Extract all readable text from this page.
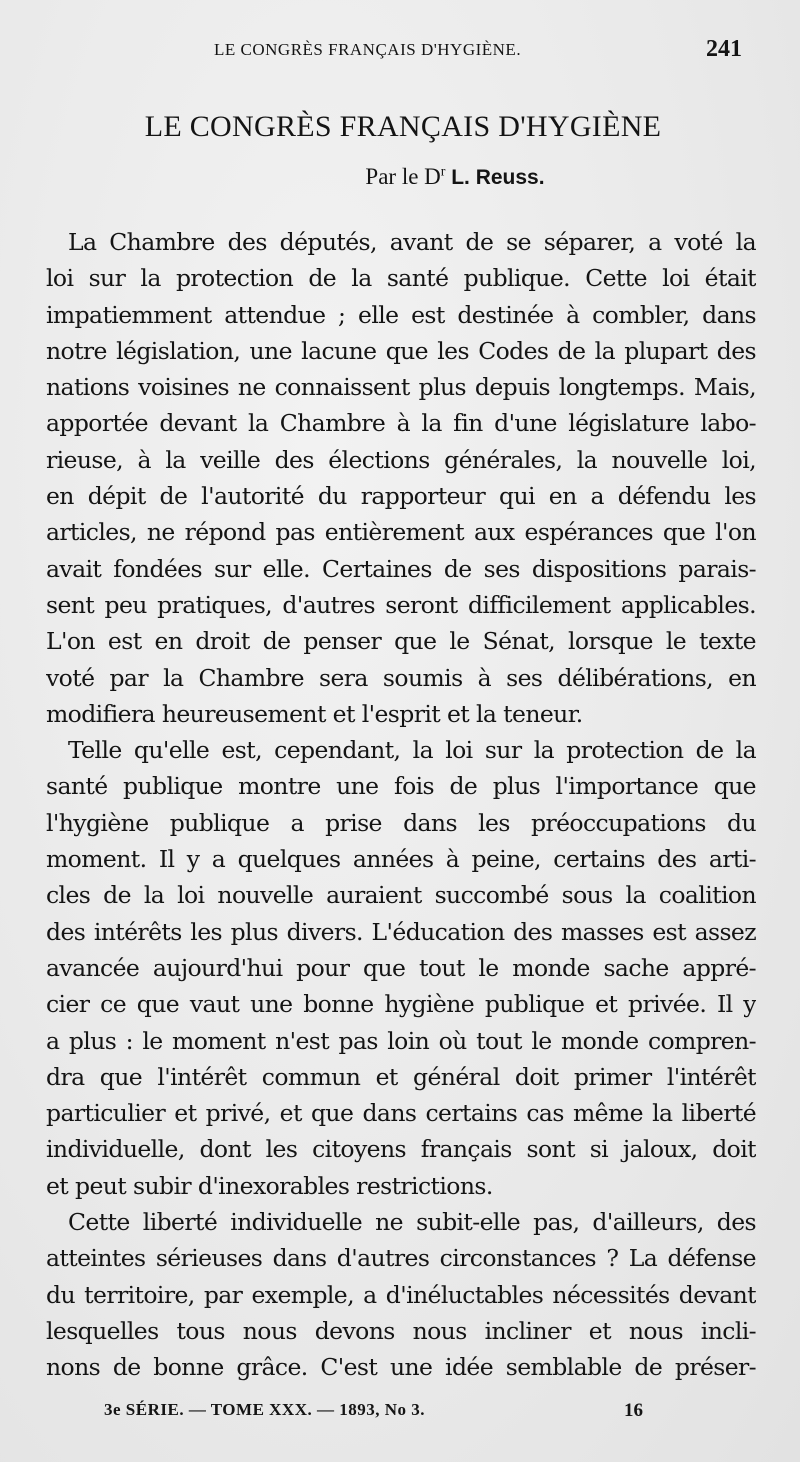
LE CONGRÈS FRANÇAIS D'HYGIÈNE.	241
LE CONGRÈS FRANÇAIS D'HYGIÈNE
Par le $D^r$ L. Reuss.
La Chambre des députés, avant de se séparer, a voté la
loi sur la protection de la santé publique. Cette loi était
impatiemment attendue ; elle est destinée à combler, dans
notre législation, une lacune que les Codes de la plupart des
nations voisines ne connaissent plus depuis longtemps. Mais,
apportée devant la Chambre à la fin d'une législature labo-
rieuse, à la veille des élections générales, la nouvelle loi,
en dépit de l'autorité du rapporteur qui en a défendu les
articles, ne répond pas entièrement aux espérances que l'on
avait fondées sur elle. Certaines de ses dispositions parais-
sent peu pratiques, d'autres seront difficilement applicables.
L'on est en droit de penser que le Sénat, lorsque le texte
voté par la Chambre sera soumis à ses délibérations, en
modifiera heureusement et l'esprit et la teneur.
Telle qu'elle est, cependant, la loi sur la protection de la
santé publique montre une fois de plus l'importance que
l'hygiène publique a prise dans les préoccupations du
moment. Il y a quelques années à peine, certains des arti-
cles de la loi nouvelle auraient succombé sous la coalition
des intérêts les plus divers. L'éducation des masses est assez
avancée aujourd'hui pour que tout le monde sache appré-
cier ce que vaut une bonne hygiène publique et privée. Il y
a plus : le moment n'est pas loin où tout le monde compren-
dra que l'intérêt commun et général doit primer l'intérêt
particulier et privé, et que dans certains cas même la liberté
individuelle, dont les citoyens français sont si jaloux, doit
et peut subir d'inexorables restrictions.
Cette liberté individuelle ne subit-elle pas, d'ailleurs, des
atteintes sérieuses dans d'autres circonstances ? La défense
du territoire, par exemple, a d'inéluctables nécessités devant
lesquelles tous nous devons nous incliner et nous incli-
nons de bonne grâce. C'est une idée semblable de préser-
3e SÉRIE. — TOME XXX. — 1893, No 3.	16
